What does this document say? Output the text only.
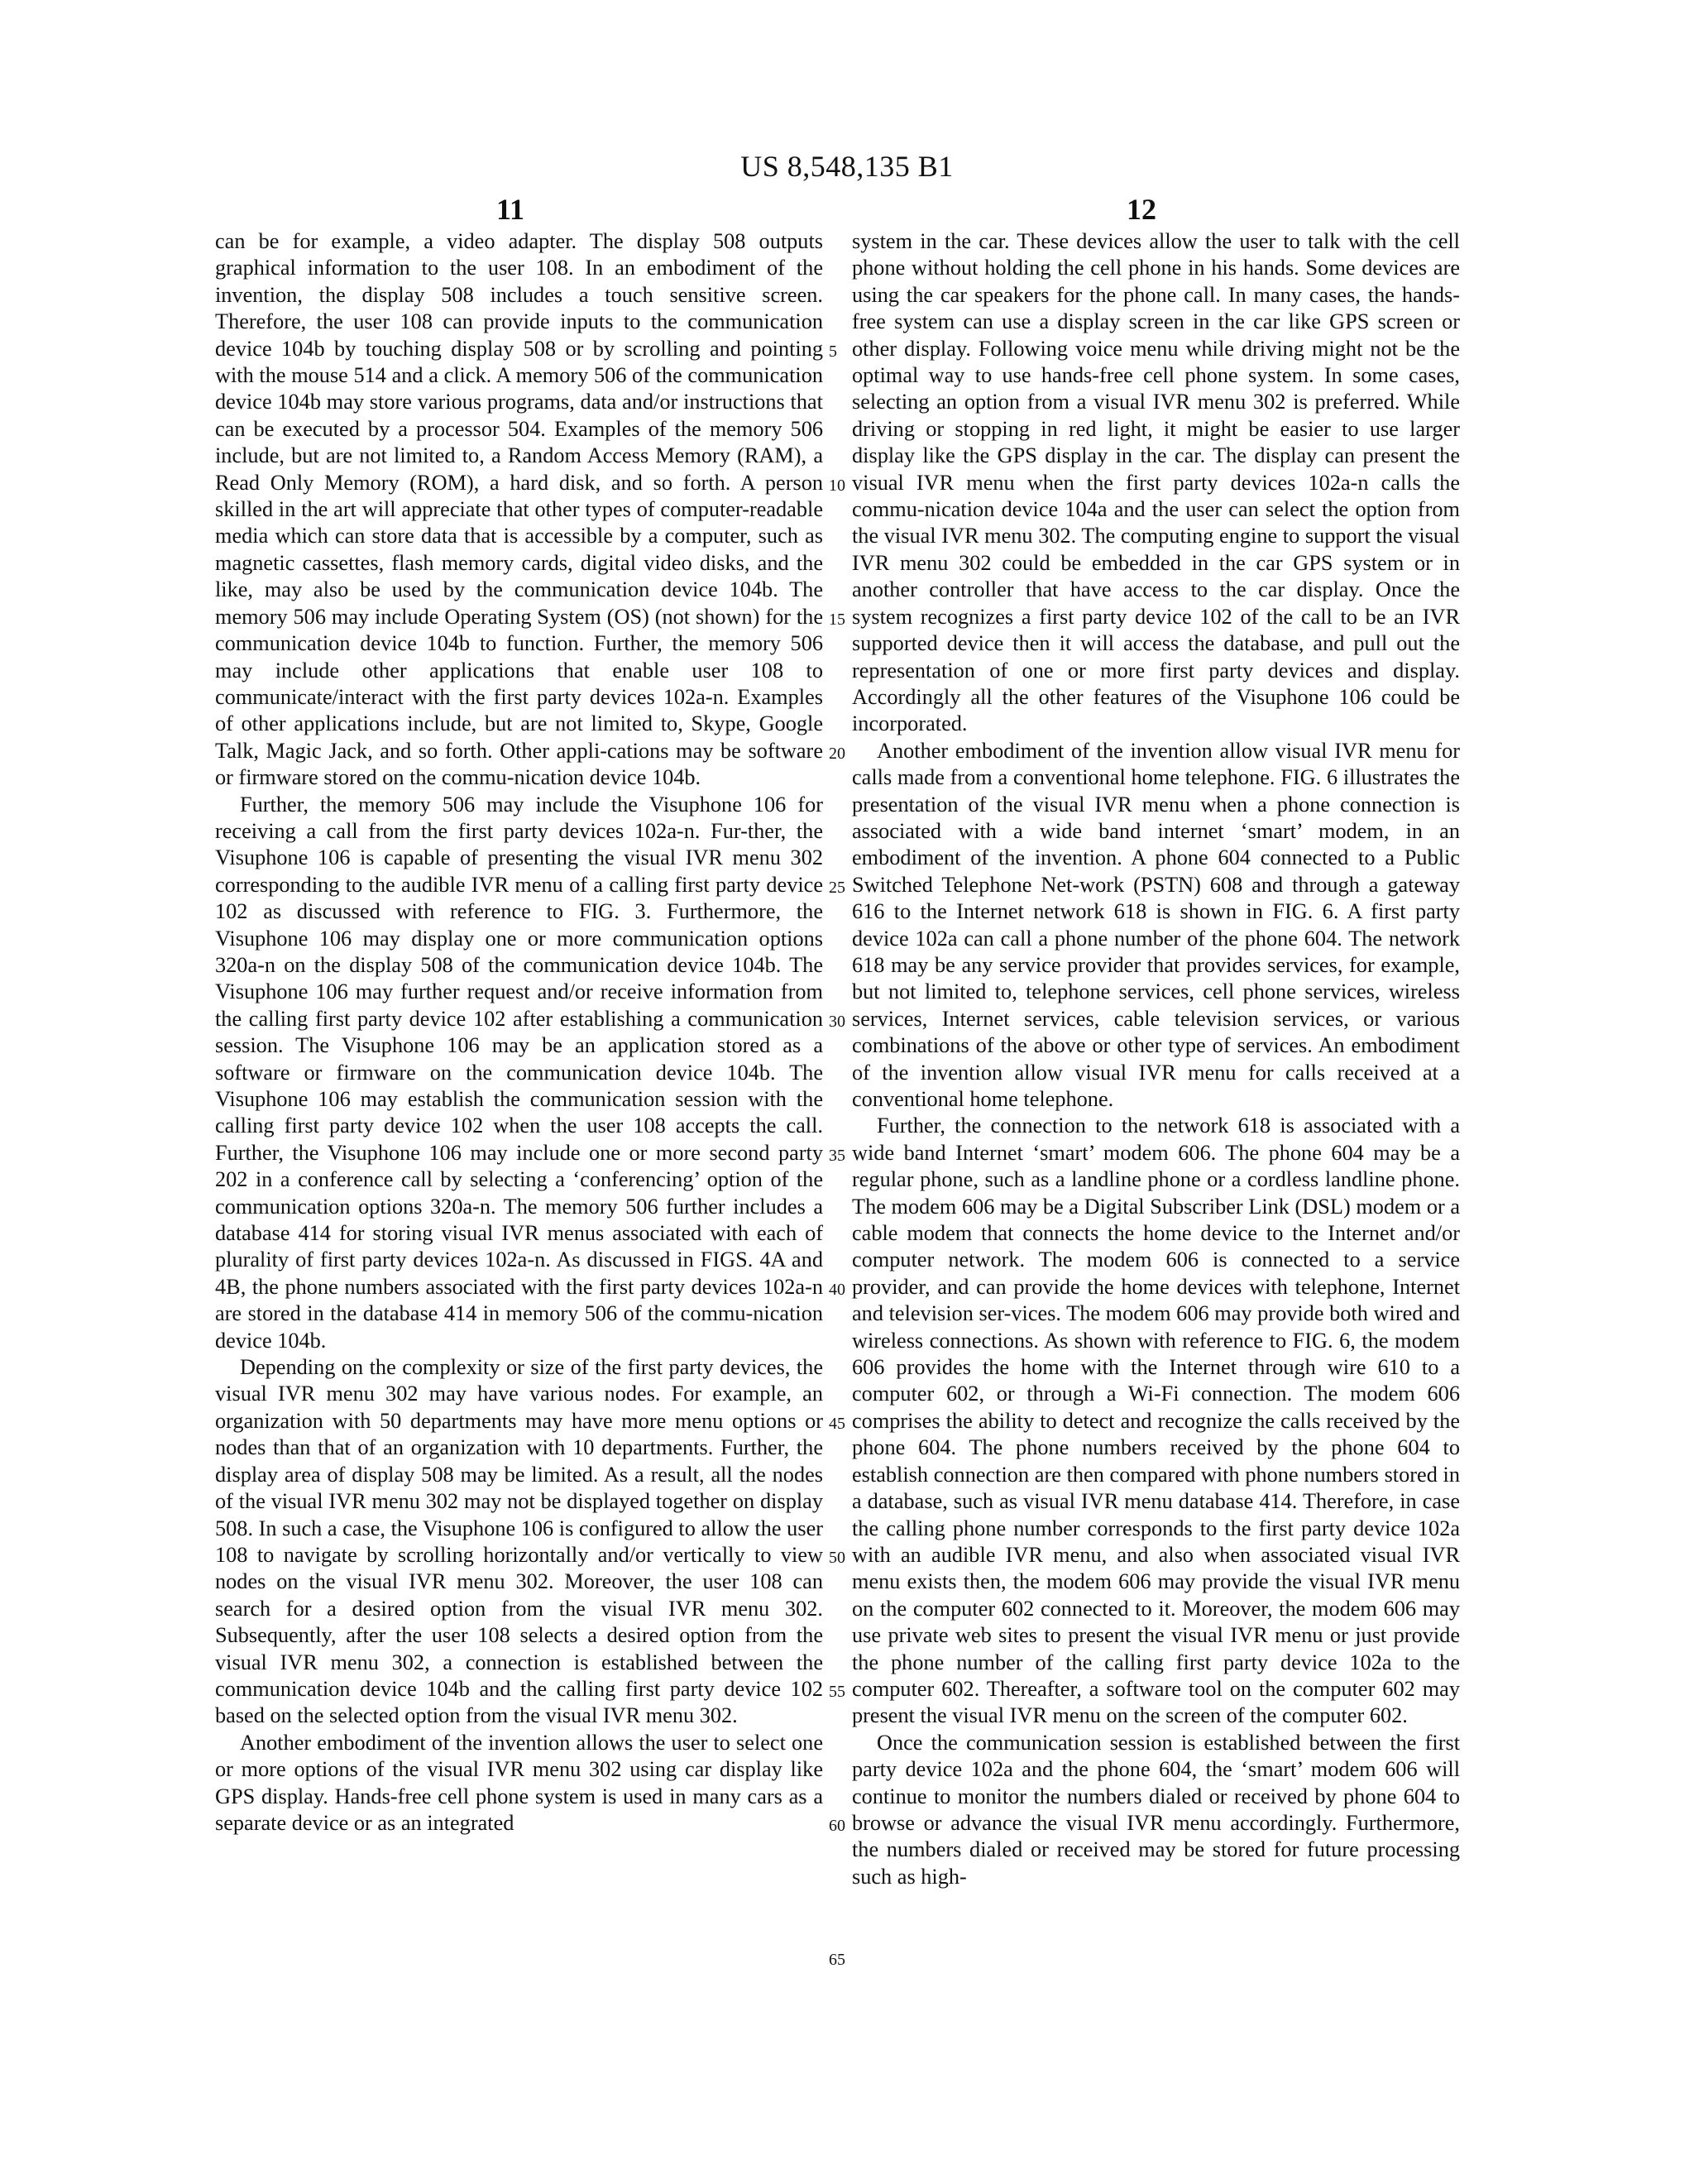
US 8,548,135 B1
11	12

can be for example, a video adapter. The display 508 outputs graphical information to the user 108. In an embodiment of the invention, the display 508 includes a touch sensitive screen. Therefore, the user 108 can provide inputs to the communication device 104b by touching display 508 or by scrolling and pointing with the mouse 514 and a click. A memory 506 of the communication device 104b may store various programs, data and/or instructions that can be executed by a processor 504. Examples of the memory 506 include, but are not limited to, a Random Access Memory (RAM), a Read Only Memory (ROM), a hard disk, and so forth. A person skilled in the art will appreciate that other types of computer-readable media which can store data that is accessible by a computer, such as magnetic cassettes, flash memory cards, digital video disks, and the like, may also be used by the communication device 104b. The memory 506 may include Operating System (OS) (not shown) for the communication device 104b to function. Further, the memory 506 may include other applications that enable user 108 to communicate/interact with the first party devices 102a-n. Examples of other applications include, but are not limited to, Skype, Google Talk, Magic Jack, and so forth. Other appli-cations may be software or firmware stored on the commu-nication device 104b.

Further, the memory 506 may include the Visuphone 106 for receiving a call from the first party devices 102a-n. Fur-ther, the Visuphone 106 is capable of presenting the visual IVR menu 302 corresponding to the audible IVR menu of a calling first party device 102 as discussed with reference to FIG. 3. Furthermore, the Visuphone 106 may display one or more communication options 320a-n on the display 508 of the communication device 104b. The Visuphone 106 may further request and/or receive information from the calling first party device 102 after establishing a communication session. The Visuphone 106 may be an application stored as a software or firmware on the communication device 104b. The Visuphone 106 may establish the communication session with the calling first party device 102 when the user 108 accepts the call. Further, the Visuphone 106 may include one or more second party 202 in a conference call by selecting a ‘conferencing’ option of the communication options 320a-n. The memory 506 further includes a database 414 for storing visual IVR menus associated with each of plurality of first party devices 102a-n. As discussed in FIGS. 4A and 4B, the phone numbers associated with the first party devices 102a-n are stored in the database 414 in memory 506 of the commu-nication device 104b.

Depending on the complexity or size of the first party devices, the visual IVR menu 302 may have various nodes. For example, an organization with 50 departments may have more menu options or nodes than that of an organization with 10 departments. Further, the display area of display 508 may be limited. As a result, all the nodes of the visual IVR menu 302 may not be displayed together on display 508. In such a case, the Visuphone 106 is configured to allow the user 108 to navigate by scrolling horizontally and/or vertically to view nodes on the visual IVR menu 302. Moreover, the user 108 can search for a desired option from the visual IVR menu 302. Subsequently, after the user 108 selects a desired option from the visual IVR menu 302, a connection is established between the communication device 104b and the calling first party device 102 based on the selected option from the visual IVR menu 302.

Another embodiment of the invention allows the user to select one or more options of the visual IVR menu 302 using car display like GPS display. Hands-free cell phone system is used in many cars as a separate device or as an integrated

5
10
15
20
25
30
35
40
45
50
55
60
65

system in the car. These devices allow the user to talk with the cell phone without holding the cell phone in his hands. Some devices are using the car speakers for the phone call. In many cases, the hands-free system can use a display screen in the car like GPS screen or other display. Following voice menu while driving might not be the optimal way to use hands-free cell phone system. In some cases, selecting an option from a visual IVR menu 302 is preferred. While driving or stopping in red light, it might be easier to use larger display like the GPS display in the car. The display can present the visual IVR menu when the first party devices 102a-n calls the commu-nication device 104a and the user can select the option from the visual IVR menu 302. The computing engine to support the visual IVR menu 302 could be embedded in the car GPS system or in another controller that have access to the car display. Once the system recognizes a first party device 102 of the call to be an IVR supported device then it will access the database, and pull out the representation of one or more first party devices and display. Accordingly all the other features of the Visuphone 106 could be incorporated.

Another embodiment of the invention allow visual IVR menu for calls made from a conventional home telephone. FIG. 6 illustrates the presentation of the visual IVR menu when a phone connection is associated with a wide band internet ‘smart’ modem, in an embodiment of the invention. A phone 604 connected to a Public Switched Telephone Net-work (PSTN) 608 and through a gateway 616 to the Internet network 618 is shown in FIG. 6. A first party device 102a can call a phone number of the phone 604. The network 618 may be any service provider that provides services, for example, but not limited to, telephone services, cell phone services, wireless services, Internet services, cable television services, or various combinations of the above or other type of services. An embodiment of the invention allow visual IVR menu for calls received at a conventional home telephone.

Further, the connection to the network 618 is associated with a wide band Internet ‘smart’ modem 606. The phone 604 may be a regular phone, such as a landline phone or a cordless landline phone. The modem 606 may be a Digital Subscriber Link (DSL) modem or a cable modem that connects the home device to the Internet and/or computer network. The modem 606 is connected to a service provider, and can provide the home devices with telephone, Internet and television ser-vices. The modem 606 may provide both wired and wireless connections. As shown with reference to FIG. 6, the modem 606 provides the home with the Internet through wire 610 to a computer 602, or through a Wi-Fi connection. The modem 606 comprises the ability to detect and recognize the calls received by the phone 604. The phone numbers received by the phone 604 to establish connection are then compared with phone numbers stored in a database, such as visual IVR menu database 414. Therefore, in case the calling phone number corresponds to the first party device 102a with an audible IVR menu, and also when associated visual IVR menu exists then, the modem 606 may provide the visual IVR menu on the computer 602 connected to it. Moreover, the modem 606 may use private web sites to present the visual IVR menu or just provide the phone number of the calling first party device 102a to the computer 602. Thereafter, a software tool on the computer 602 may present the visual IVR menu on the screen of the computer 602.

Once the communication session is established between the first party device 102a and the phone 604, the ‘smart’ modem 606 will continue to monitor the numbers dialed or received by phone 604 to browse or advance the visual IVR menu accordingly. Furthermore, the numbers dialed or received may be stored for future processing such as high-
